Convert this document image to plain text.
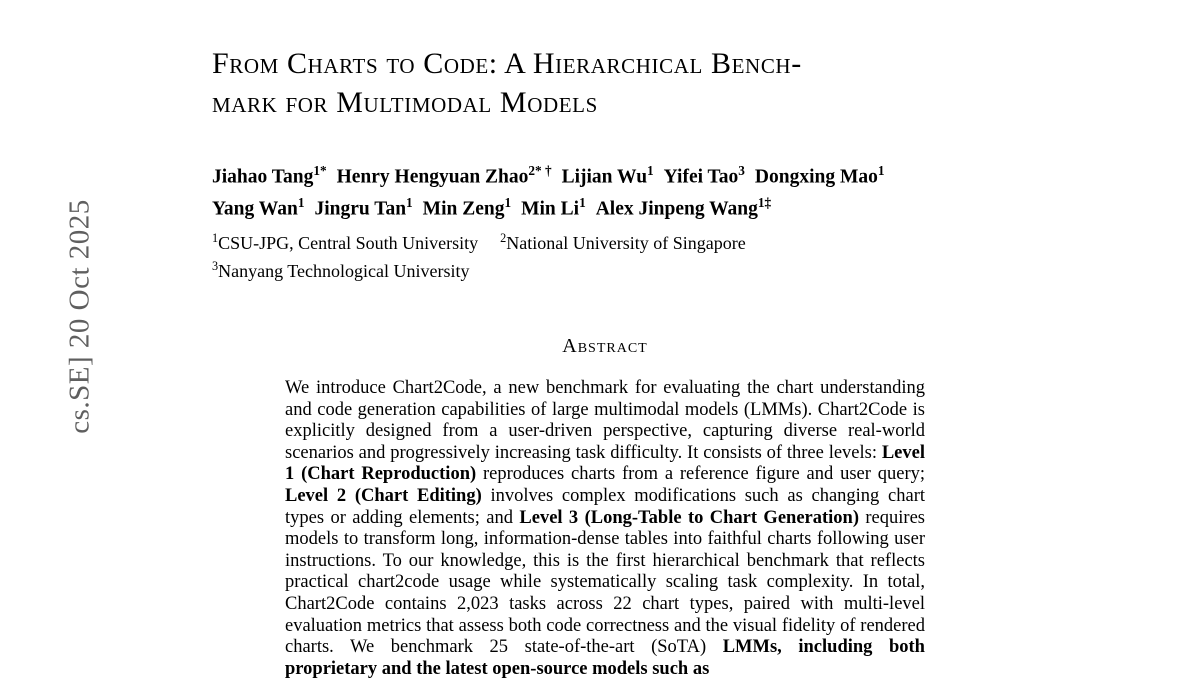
cs.SE] 20 Oct 2025
From Charts to Code: A Hierarchical Bench-
mark for Multimodal Models
Jiahao Tang$^{1*}$ Henry Hengyuan Zhao$^{2* \dagger}$ Lijian Wu$^1$ Yifei Tao$^3$ Dongxing Mao$^1$
Yang Wan$^1$ Jingru Tan$^1$ Min Zeng$^1$ Min Li$^1$ Alex Jinpeng Wang$^{1\ddagger}$
$^1$CSU-JPG, Central South University $^2$National University of Singapore
$^3$Nanyang Technological University
Abstract
We introduce Chart2Code, a new benchmark for evaluating the chart understanding and code generation capabilities of large multimodal models (LMMs). Chart2Code is explicitly designed from a user-driven perspective, capturing diverse real-world scenarios and progressively increasing task difficulty. It consists of three levels: Level 1 (Chart Reproduction) reproduces charts from a reference figure and user query; Level 2 (Chart Editing) involves complex modifications such as changing chart types or adding elements; and Level 3 (Long-Table to Chart Generation) requires models to transform long, information-dense tables into faithful charts following user instructions. To our knowledge, this is the first hierarchical benchmark that reflects practical chart2code usage while systematically scaling task complexity. In total, Chart2Code contains 2,023 tasks across 22 chart types, paired with multi-level evaluation metrics that assess both code correctness and the visual fidelity of rendered charts. We benchmark 25 state-of-the-art (SoTA) LMMs, including both proprietary and the latest open-source models such as
